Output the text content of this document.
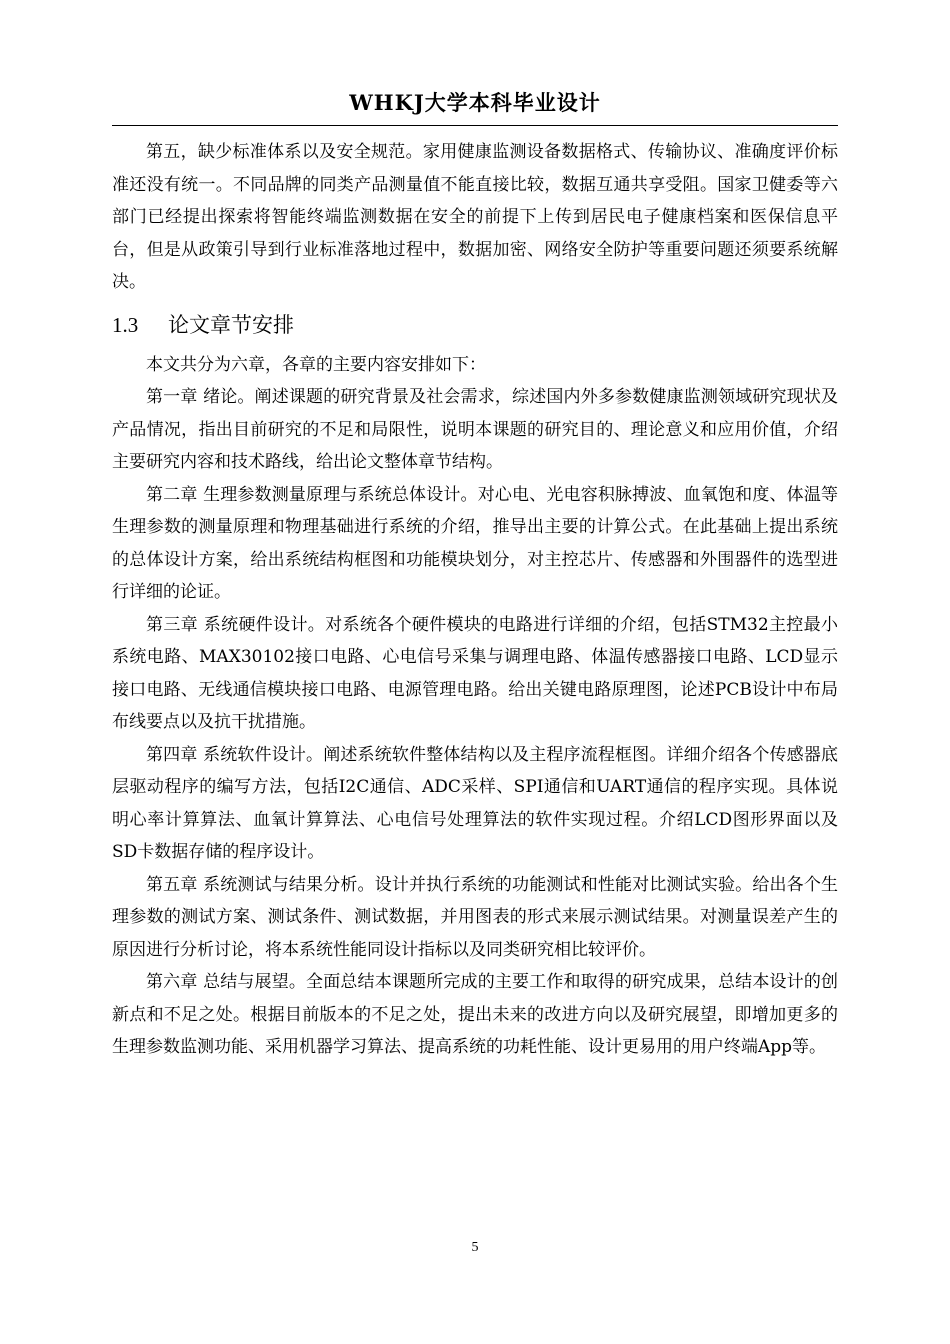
WHKJ大学本科毕业设计

第五，缺少标准体系以及安全规范。家用健康监测设备数据格式、传输协议、准确度评价标准还没有统一。不同品牌的同类产品测量值不能直接比较，数据互通共享受阻。国家卫健委等六部门已经提出探索将智能终端监测数据在安全的前提下上传到居民电子健康档案和医保信息平台，但是从政策引导到行业标准落地过程中，数据加密、网络安全防护等重要问题还须要系统解决。

1.3	论文章节安排

本文共分为六章，各章的主要内容安排如下：

第一章 绪论。阐述课题的研究背景及社会需求，综述国内外多参数健康监测领域研究现状及产品情况，指出目前研究的不足和局限性，说明本课题的研究目的、理论意义和应用价值，介绍主要研究内容和技术路线，给出论文整体章节结构。

第二章 生理参数测量原理与系统总体设计。对心电、光电容积脉搏波、血氧饱和度、体温等生理参数的测量原理和物理基础进行系统的介绍，推导出主要的计算公式。在此基础上提出系统的总体设计方案，给出系统结构框图和功能模块划分，对主控芯片、传感器和外围器件的选型进行详细的论证。

第三章 系统硬件设计。对系统各个硬件模块的电路进行详细的介绍，包括STM32主控最小系统电路、MAX30102接口电路、心电信号采集与调理电路、体温传感器接口电路、LCD显示接口电路、无线通信模块接口电路、电源管理电路。给出关键电路原理图，论述PCB设计中布局布线要点以及抗干扰措施。

第四章 系统软件设计。阐述系统软件整体结构以及主程序流程框图。详细介绍各个传感器底层驱动程序的编写方法，包括I2C通信、ADC采样、SPI通信和UART通信的程序实现。具体说明心率计算算法、血氧计算算法、心电信号处理算法的软件实现过程。介绍LCD图形界面以及SD卡数据存储的程序设计。

第五章 系统测试与结果分析。设计并执行系统的功能测试和性能对比测试实验。给出各个生理参数的测试方案、测试条件、测试数据，并用图表的形式来展示测试结果。对测量误差产生的原因进行分析讨论，将本系统性能同设计指标以及同类研究相比较评价。

第六章 总结与展望。全面总结本课题所完成的主要工作和取得的研究成果，总结本设计的创新点和不足之处。根据目前版本的不足之处，提出未来的改进方向以及研究展望，即增加更多的生理参数监测功能、采用机器学习算法、提高系统的功耗性能、设计更易用的用户终端App等。

5
